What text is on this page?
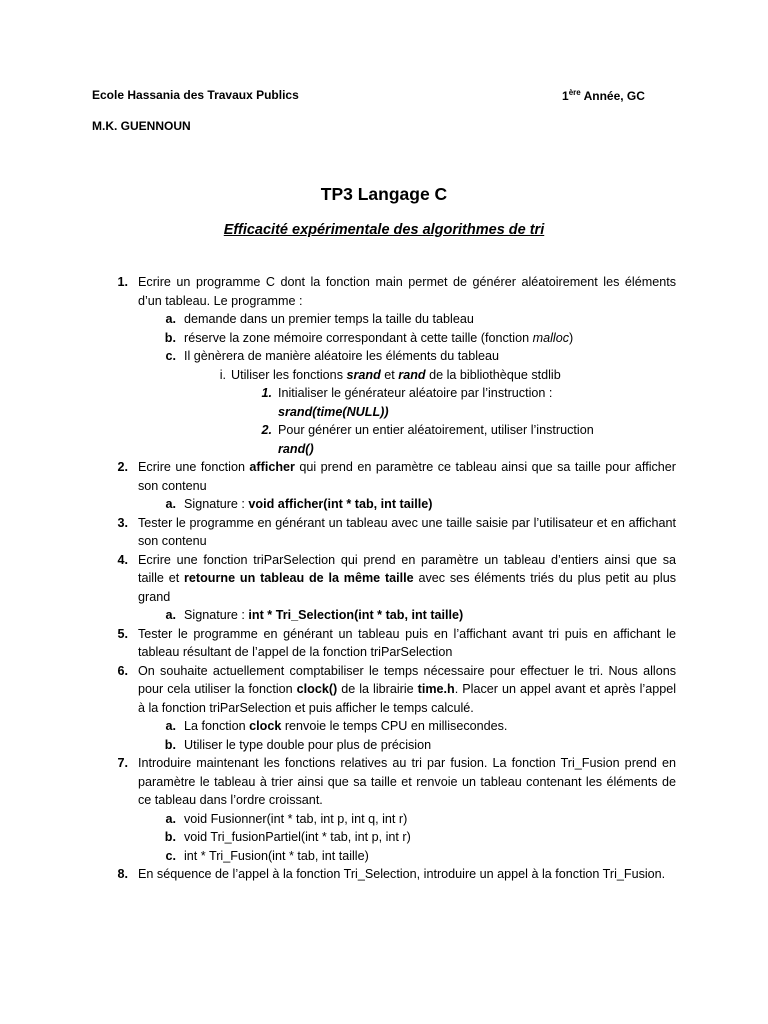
Ecole Hassania des Travaux Publics	1ère Année, GC
M.K. GUENNOUN
TP3 Langage C
Efficacité expérimentale des algorithmes de tri
1. Ecrire un programme C dont la fonction main permet de générer aléatoirement les éléments d’un tableau. Le programme :
a. demande dans un premier temps la taille du tableau
b. réserve la zone mémoire correspondant à cette taille (fonction malloc)
c. Il gènèrera de manière aléatoire les éléments du tableau
i. Utiliser les fonctions srand et rand de la bibliothèque stdlib
1. Initialiser le générateur aléatoire par l’instruction :
srand(time(NULL))
2. Pour générer un entier aléatoirement, utiliser l’instruction
rand()
2. Ecrire une fonction afficher qui prend en paramètre ce tableau ainsi que sa taille pour afficher son contenu
a. Signature : void afficher(int * tab, int taille)
3. Tester le programme en générant un tableau avec une taille saisie par l’utilisateur et en affichant son contenu
4. Ecrire une fonction triParSelection qui prend en paramètre un tableau d’entiers ainsi que sa taille et retourne un tableau de la même taille avec ses éléments triés du plus petit au plus grand
a. Signature : int * Tri_Selection(int * tab, int taille)
5. Tester le programme en générant un tableau puis en l’affichant avant tri puis en affichant le tableau résultant de l’appel de la fonction triParSelection
6. On souhaite actuellement comptabiliser le temps nécessaire pour effectuer le tri. Nous allons pour cela utiliser la fonction clock() de la librairie time.h. Placer un appel avant et après l’appel à la fonction triParSelection et puis afficher le temps calculé.
a. La fonction clock renvoie le temps CPU en millisecondes.
b. Utiliser le type double pour plus de précision
7. Introduire maintenant les fonctions relatives au tri par fusion. La fonction Tri_Fusion prend en paramètre le tableau à trier ainsi que sa taille et renvoie un tableau contenant les éléments de ce tableau dans l’ordre croissant.
a. void Fusionner(int * tab, int p, int q, int r)
b. void Tri_fusionPartiel(int * tab, int p, int r)
c. int * Tri_Fusion(int * tab, int taille)
8. En séquence de l’appel à la fonction Tri_Selection, introduire un appel à la fonction Tri_Fusion.
